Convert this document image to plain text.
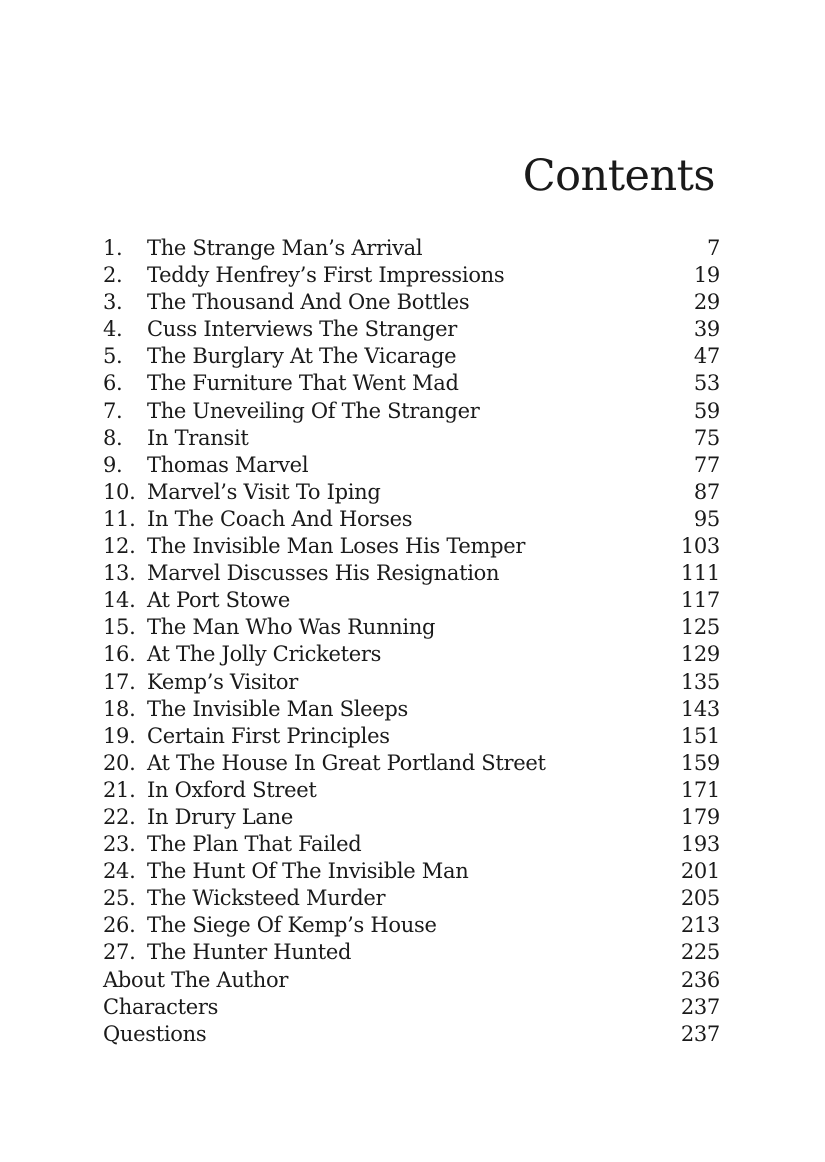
Contents
1.	The Strange Man’s Arrival	7
2.	Teddy Henfrey’s First Impressions	19
3.	The Thousand And One Bottles	29
4.	Cuss Interviews The Stranger	39
5.	The Burglary At The Vicarage	47
6.	The Furniture That Went Mad	53
7.	The Uneveiling Of The Stranger	59
8.	In Transit	75
9.	Thomas Marvel	77
10. Marvel’s Visit To Iping	87
11. In The Coach And Horses	95
12. The Invisible Man Loses His Temper	103
13. Marvel Discusses His Resignation	111
14. At Port Stowe	117
15. The Man Who Was Running	125
16. At The Jolly Cricketers	129
17. Kemp’s Visitor	135
18. The Invisible Man Sleeps	143
19. Certain First Principles	151
20. At The House In Great Portland Street	159
21. In Oxford Street	171
22. In Drury Lane	179
23. The Plan That Failed	193
24. The Hunt Of The Invisible Man	201
25. The Wicksteed Murder	205
26. The Siege Of Kemp’s House	213
27. The Hunter Hunted	225
About The Author	236
Characters	237
Questions	237
